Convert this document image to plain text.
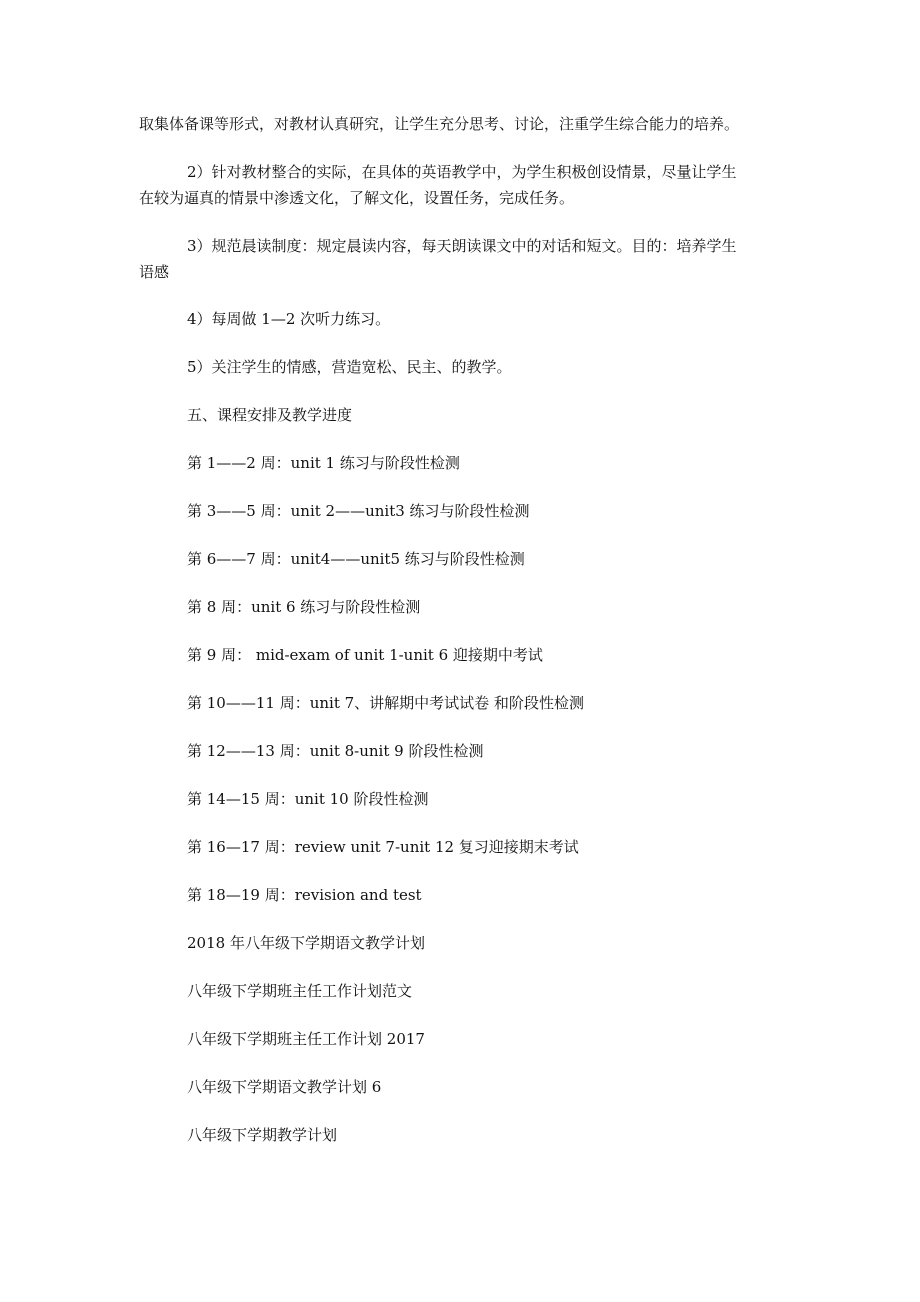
取集体备课等形式，对教材认真研究，让学生充分思考、讨论，注重学生综合能力的培养。
2）针对教材整合的实际，在具体的英语教学中，为学生积极创设情景，尽量让学生
在较为逼真的情景中渗透文化，了解文化，设置任务，完成任务。
3）规范晨读制度：规定晨读内容，每天朗读课文中的对话和短文。目的：培养学生
语感
4）每周做 1—2 次听力练习。
5）关注学生的情感，营造宽松、民主、的教学。
五、课程安排及教学进度
第 1——2 周：unit 1 练习与阶段性检测
第 3——5 周：unit 2——unit3 练习与阶段性检测
第 6——7 周：unit4——unit5 练习与阶段性检测
第 8 周：unit 6 练习与阶段性检测
第 9 周： mid-exam of unit 1-unit 6 迎接期中考试
第 10——11 周：unit 7、讲解期中考试试卷 和阶段性检测
第 12——13 周：unit 8-unit 9 阶段性检测
第 14—15 周：unit 10 阶段性检测
第 16—17 周：review unit 7-unit 12 复习迎接期末考试
第 18—19 周：revision and test
2018 年八年级下学期语文教学计划
八年级下学期班主任工作计划范文
八年级下学期班主任工作计划 2017
八年级下学期语文教学计划 6
八年级下学期教学计划
